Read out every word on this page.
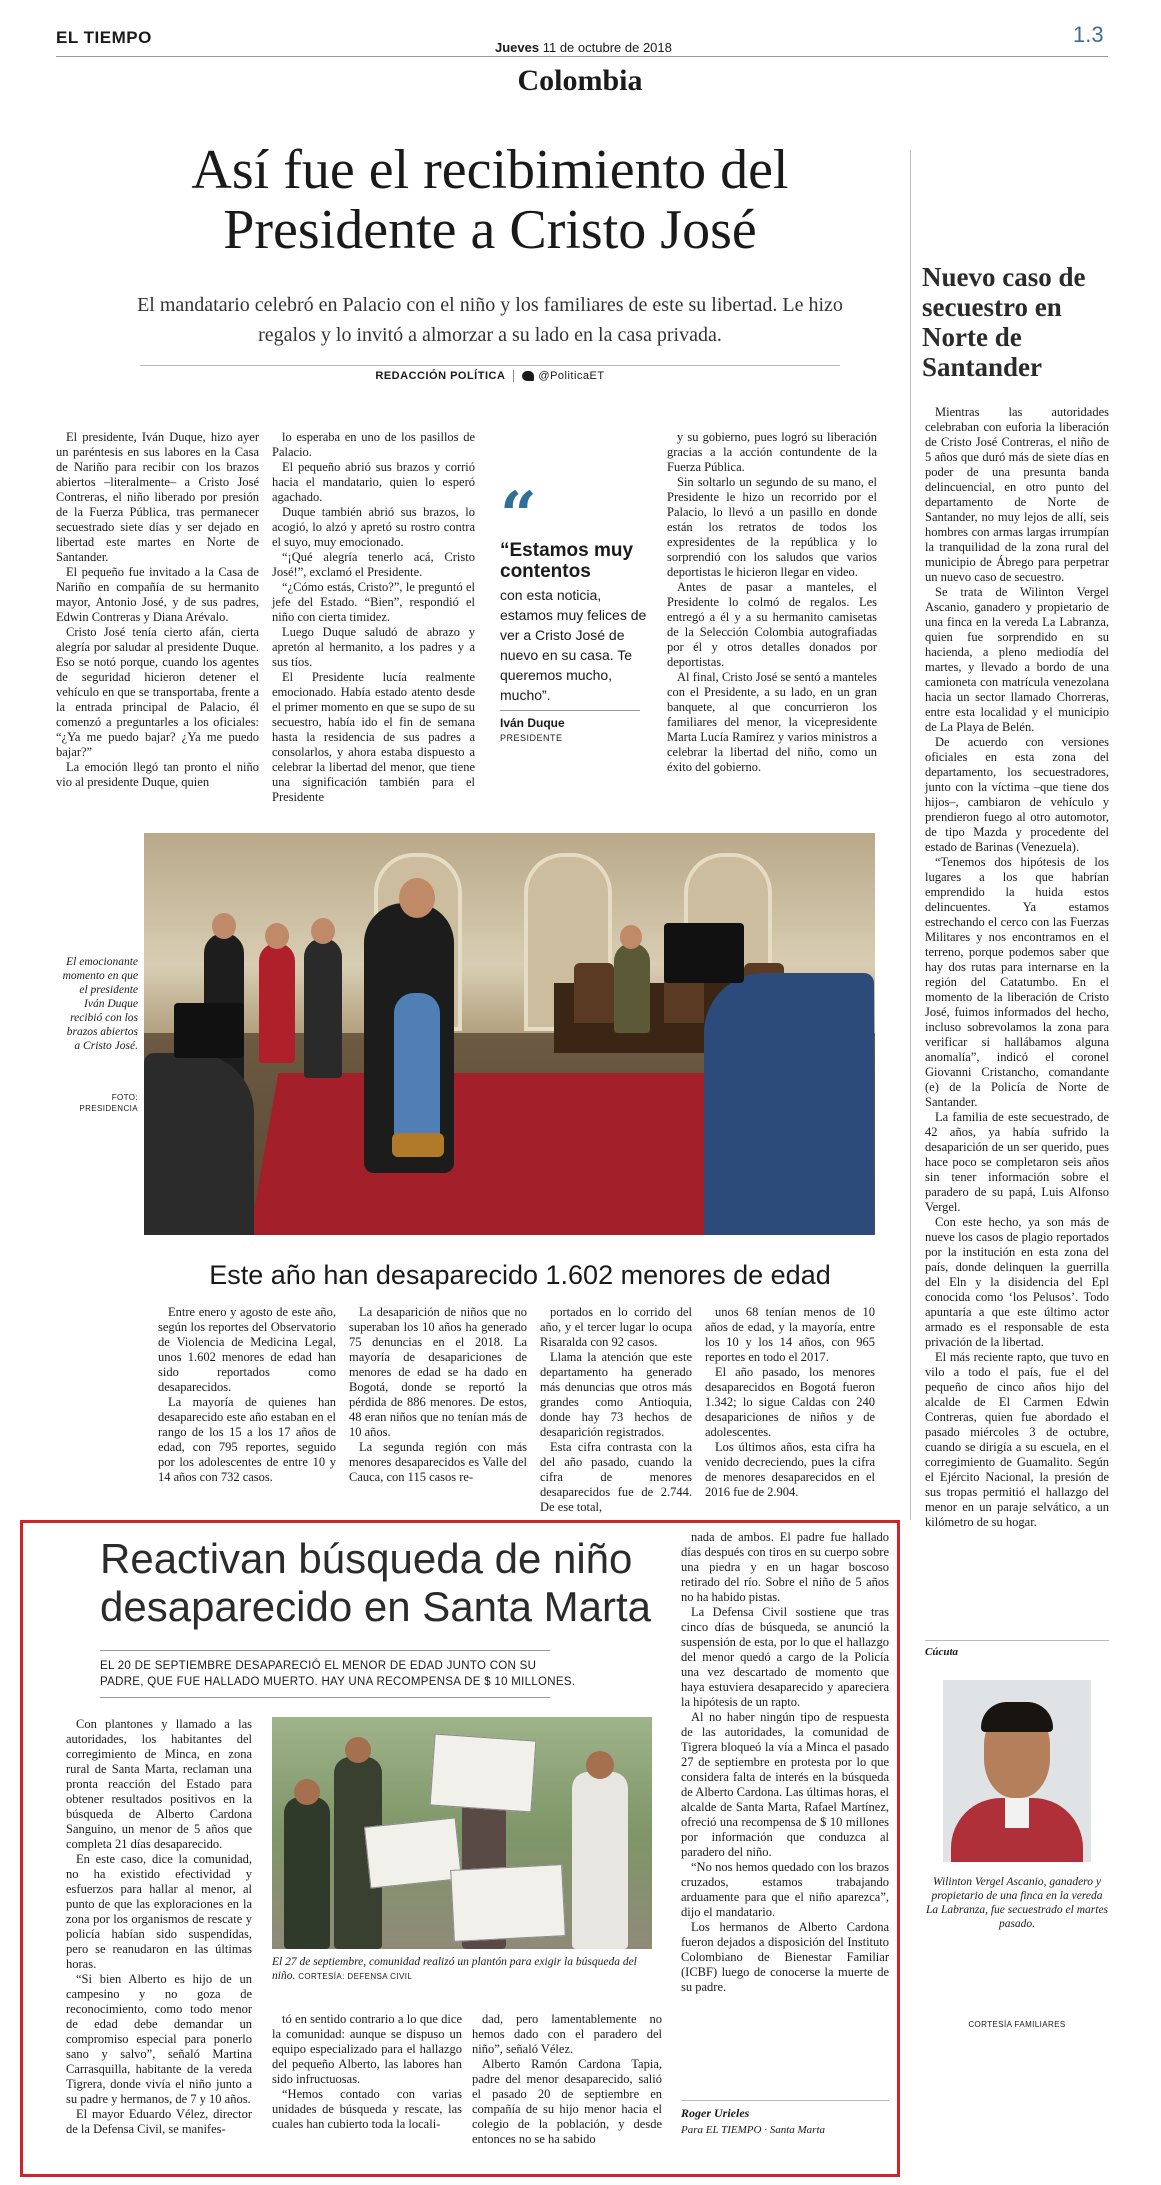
EL TIEMPO
Jueves 11 de octubre de 2018
1.3
Colombia
Así fue el recibimiento del Presidente a Cristo José
El mandatario celebró en Palacio con el niño y los familiares de este su libertad. Le hizo regalos y lo invitó a almorzar a su lado en la casa privada.
REDACCIÓN POLÍTICA	@PoliticaET

El presidente, Iván Duque, hizo ayer un paréntesis en sus labores en la Casa de Nariño para recibir con los brazos abiertos –literalmente– a Cristo José Contreras, el niño liberado por presión de la Fuerza Pública, tras permanecer secuestrado siete días y ser dejado en libertad este martes en Norte de Santander.

El pequeño fue invitado a la Casa de Nariño en compañía de su hermanito mayor, Antonio José, y de sus padres, Edwin Contreras y Diana Arévalo.

Cristo José tenía cierto afán, cierta alegría por saludar al presidente Duque. Eso se notó porque, cuando los agentes de seguridad hicieron detener el vehículo en que se transportaba, frente a la entrada principal de Palacio, él comenzó a preguntarles a los oficiales: “¿Ya me puedo bajar? ¿Ya me puedo bajar?”

La emoción llegó tan pronto el niño vio al presidente Duque, quien

lo esperaba en uno de los pasillos de Palacio.

El pequeño abrió sus brazos y corrió hacia el mandatario, quien lo esperó agachado.

Duque también abrió sus brazos, lo acogió, lo alzó y apretó su rostro contra el suyo, muy emocionado.

“¡Qué alegría tenerlo acá, Cristo José!”, exclamó el Presidente.

“¿Cómo estás, Cristo?”, le preguntó el jefe del Estado. “Bien”, respondió el niño con cierta timidez.

Luego Duque saludó de abrazo y apretón al hermanito, a los padres y a sus tíos.

El Presidente lucía realmente emocionado. Había estado atento desde el primer momento en que se supo de su secuestro, había ido el fin de semana hasta la residencia de sus padres a consolarlos, y ahora estaba dispuesto a celebrar la libertad del menor, que tiene una significación también para el Presidente

“
“Estamos muy contentos
con esta noticia, estamos muy felices de ver a Cristo José de nuevo en su casa. Te queremos mucho, mucho”.
Iván Duque
PRESIDENTE

y su gobierno, pues logró su liberación gracias a la acción contundente de la Fuerza Pública.

Sin soltarlo un segundo de su mano, el Presidente le hizo un recorrido por el Palacio, lo llevó a un pasillo en donde están los retratos de todos los expresidentes de la república y lo sorprendió con los saludos que varios deportistas le hicieron llegar en video.

Antes de pasar a manteles, el Presidente lo colmó de regalos. Les entregó a él y a su hermanito camisetas de la Selección Colombia autografiadas por él y otros detalles donados por deportistas.

Al final, Cristo José se sentó a manteles con el Presidente, a su lado, en un gran banquete, al que concurrieron los familiares del menor, la vicepresidente Marta Lucía Ramírez y varios ministros a celebrar la libertad del niño, como un éxito del gobierno.

El emocionante momento en que el presidente Iván Duque recibió con los brazos abiertos a Cristo José.
FOTO: PRESIDENCIA
Este año han desaparecido 1.602 menores de edad

Entre enero y agosto de este año, según los reportes del Observatorio de Violencia de Medicina Legal, unos 1.602 menores de edad han sido reportados como desaparecidos.

La mayoría de quienes han desaparecido este año estaban en el rango de los 15 a los 17 años de edad, con 795 reportes, seguido por los adolescentes de entre 10 y 14 años con 732 casos.

La desaparición de niños que no superaban los 10 años ha generado 75 denuncias en el 2018. La mayoría de desapariciones de menores de edad se ha dado en Bogotá, donde se reportó la pérdida de 886 menores. De estos, 48 eran niños que no tenían más de 10 años.

La segunda región con más menores desaparecidos es Valle del Cauca, con 115 casos re-

portados en lo corrido del año, y el tercer lugar lo ocupa Risaralda con 92 casos.

Llama la atención que este departamento ha generado más denuncias que otros más grandes como Antioquia, donde hay 73 hechos de desaparición registrados.

Esta cifra contrasta con la del año pasado, cuando la cifra de menores desaparecidos fue de 2.744. De ese total,

unos 68 tenían menos de 10 años de edad, y la mayoría, entre los 10 y los 14 años, con 965 reportes en todo el 2017.

El año pasado, los menores desaparecidos en Bogotá fueron 1.342; lo sigue Caldas con 240 desapariciones de niños y de adolescentes.

Los últimos años, esta cifra ha venido decreciendo, pues la cifra de menores desaparecidos en el 2016 fue de 2.904.

Nuevo caso de secuestro en Norte de Santander

Mientras las autoridades celebraban con euforia la liberación de Cristo José Contreras, el niño de 5 años que duró más de siete días en poder de una presunta banda delincuencial, en otro punto del departamento de Norte de Santander, no muy lejos de allí, seis hombres con armas largas irrumpían la tranquilidad de la zona rural del municipio de Ábrego para perpetrar un nuevo caso de secuestro.

Se trata de Wilinton Vergel Ascanio, ganadero y propietario de una finca en la vereda La Labranza, quien fue sorprendido en su hacienda, a pleno mediodía del martes, y llevado a bordo de una camioneta con matrícula venezolana hacia un sector llamado Chorreras, entre esta localidad y el municipio de La Playa de Belén.

De acuerdo con versiones oficiales en esta zona del departamento, los secuestradores, junto con la víctima –que tiene dos hijos–, cambiaron de vehículo y prendieron fuego al otro automotor, de tipo Mazda y procedente del estado de Barinas (Venezuela).

“Tenemos dos hipótesis de los lugares a los que habrían emprendido la huida estos delincuentes. Ya estamos estrechando el cerco con las Fuerzas Militares y nos encontramos en el terreno, porque podemos saber que hay dos rutas para internarse en la región del Catatumbo. En el momento de la liberación de Cristo José, fuimos informados del hecho, incluso sobrevolamos la zona para verificar si hallábamos alguna anomalía”, indicó el coronel Giovanni Cristancho, comandante (e) de la Policía de Norte de Santander.

La familia de este secuestrado, de 42 años, ya había sufrido la desaparición de un ser querido, pues hace poco se completaron seis años sin tener información sobre el paradero de su papá, Luis Alfonso Vergel.

Con este hecho, ya son más de nueve los casos de plagio reportados por la institución en esta zona del país, donde delinquen la guerrilla del Eln y la disidencia del Epl conocida como ‘los Pelusos’. Todo apuntaría a que este último actor armado es el responsable de esta privación de la libertad.

El más reciente rapto, que tuvo en vilo a todo el país, fue el del pequeño de cinco años hijo del alcalde de El Carmen Edwin Contreras, quien fue abordado el pasado miércoles 3 de octubre, cuando se dirigía a su escuela, en el corregimiento de Guamalito. Según el Ejército Nacional, la presión de sus tropas permitió el hallazgo del menor en un paraje selvático, a un kilómetro de su hogar.

Cúcuta
Wilinton Vergel Ascanio, ganadero y propietario de una finca en la vereda La Labranza, fue secuestrado el martes pasado.
CORTESÍA FAMILIARES
Reactivan búsqueda de niño desaparecido en Santa Marta
EL 20 DE SEPTIEMBRE DESAPARECIÓ EL MENOR DE EDAD JUNTO CON SU PADRE, QUE FUE HALLADO MUERTO. HAY UNA RECOMPENSA DE $ 10 MILLONES.

Con plantones y llamado a las autoridades, los habitantes del corregimiento de Minca, en zona rural de Santa Marta, reclaman una pronta reacción del Estado para obtener resultados positivos en la búsqueda de Alberto Cardona Sanguino, un menor de 5 años que completa 21 días desaparecido.

En este caso, dice la comunidad, no ha existido efectividad y esfuerzos para hallar al menor, al punto de que las exploraciones en la zona por los organismos de rescate y policía habían sido suspendidas, pero se reanudaron en las últimas horas.

“Si bien Alberto es hijo de un campesino y no goza de reconocimiento, como todo menor de edad debe demandar un compromiso especial para ponerlo sano y salvo”, señaló Martina Carrasquilla, habitante de la vereda Tigrera, donde vivía el niño junto a su padre y hermanos, de 7 y 10 años.

El mayor Eduardo Vélez, director de la Defensa Civil, se manifes-

El 27 de septiembre, comunidad realizó un plantón para exigir la búsqueda del niño. CORTESÍA: DEFENSA CIVIL

tó en sentido contrario a lo que dice la comunidad: aunque se dispuso un equipo especializado para el hallazgo del pequeño Alberto, las labores han sido infructuosas.

“Hemos contado con varias unidades de búsqueda y rescate, las cuales han cubierto toda la locali-

dad, pero lamentablemente no hemos dado con el paradero del niño”, señaló Vélez.

Alberto Ramón Cardona Tapia, padre del menor desaparecido, salió el pasado 20 de septiembre en compañía de su hijo menor hacia el colegio de la población, y desde entonces no se ha sabido

nada de ambos. El padre fue hallado días después con tiros en su cuerpo sobre una piedra y en un hagar boscoso retirado del río. Sobre el niño de 5 años no ha habido pistas.

La Defensa Civil sostiene que tras cinco días de búsqueda, se anunció la suspensión de esta, por lo que el hallazgo del menor quedó a cargo de la Policía una vez descartado de momento que haya estuviera desaparecido y apareciera la hipótesis de un rapto.

Al no haber ningún tipo de respuesta de las autoridades, la comunidad de Tigrera bloqueó la vía a Minca el pasado 27 de septiembre en protesta por lo que considera falta de interés en la búsqueda de Alberto Cardona. Las últimas horas, el alcalde de Santa Marta, Rafael Martínez, ofreció una recompensa de $ 10 millones por información que conduzca al paradero del niño.

“No nos hemos quedado con los brazos cruzados, estamos trabajando arduamente para que el niño aparezca”, dijo el mandatario.

Los hermanos de Alberto Cardona fueron dejados a disposición del Instituto Colombiano de Bienestar Familiar (ICBF) luego de conocerse la muerte de su padre.

Roger Urieles
Para EL TIEMPO · Santa Marta
